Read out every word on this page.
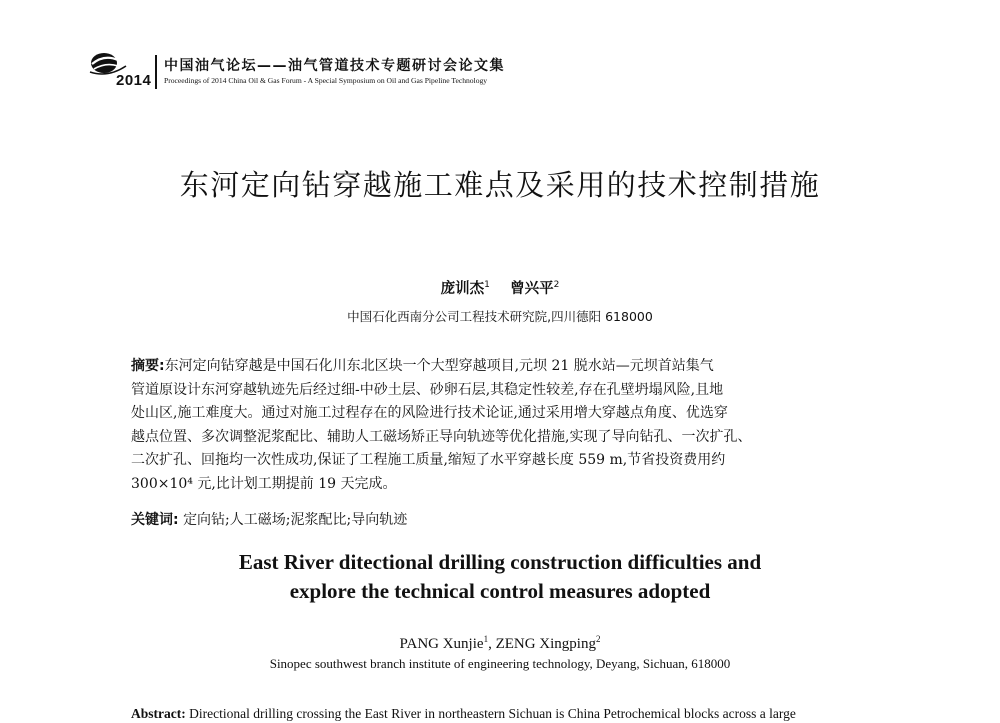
2014
中国油气论坛——油气管道技术专题研讨会论文集
Proceedings of 2014 China Oil & Gas Forum - A Special Symposium on Oil and Gas Pipeline Technology
东河定向钻穿越施工难点及采用的技术控制措施
庞训杰$^1$ 曾兴平$^2$
中国石化西南分公司工程技术研究院,四川德阳 618000
摘要:东河定向钻穿越是中国石化川东北区块一个大型穿越项目,元坝 21 脱水站—元坝首站集气
管道原设计东河穿越轨迹先后经过细-中砂土层、砂卵石层,其稳定性较差,存在孔壁坍塌风险,且地
处山区,施工难度大。通过对施工过程存在的风险进行技术论证,通过采用增大穿越点角度、优选穿
越点位置、多次调整泥浆配比、辅助人工磁场矫正导向轨迹等优化措施,实现了导向钻孔、一次扩孔、
二次扩孔、回拖均一次性成功,保证了工程施工质量,缩短了水平穿越长度 559 m,节省投资费用约
300×10⁴ 元,比计划工期提前 19 天完成。
关键词: 定向钻;人工磁场;泥浆配比;导向轨迹
East River ditectional drilling construction difficulties and
explore the technical control measures adopted
PANG Xunjie$^1$, ZENG Xingping$^2$
Sinopec southwest branch institute of engineering technology, Deyang, Sichuan, 618000
Abstract: Directional drilling crossing the East River in northeastern Sichuan is China Petrochemical blocks across a large
